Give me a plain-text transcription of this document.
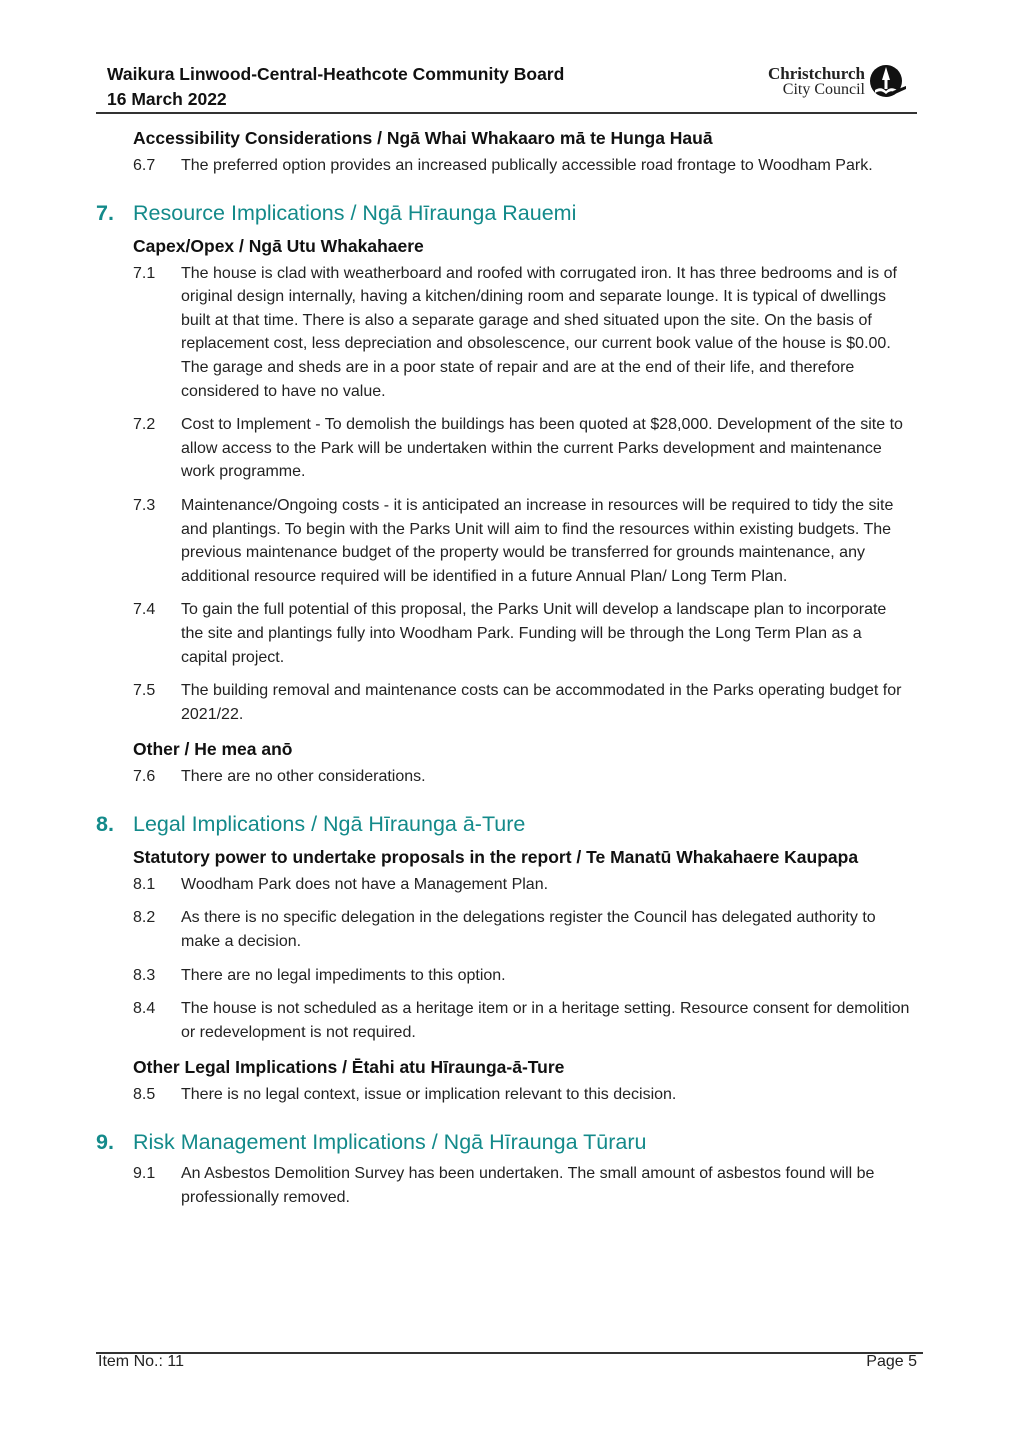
Waikura Linwood-Central-Heathcote Community Board
16 March 2022
Christchurch
City Council
Accessibility Considerations / Ngā Whai Whakaaro mā te Hunga Hauā
6.7	The preferred option provides an increased publically accessible road frontage to Woodham Park.
7. Resource Implications / Ngā Hīraunga Rauemi
Capex/Opex / Ngā Utu Whakahaere
7.1	The house is clad with weatherboard and roofed with corrugated iron. It has three bedrooms and is of original design internally, having a kitchen/dining room and separate lounge. It is typical of dwellings built at that time. There is also a separate garage and shed situated upon the site. On the basis of replacement cost, less depreciation and obsolescence, our current book value of the house is $0.00. The garage and sheds are in a poor state of repair and are at the end of their life, and therefore considered to have no value.
7.2	Cost to Implement - To demolish the buildings has been quoted at $28,000. Development of the site to allow access to the Park will be undertaken within the current Parks development and maintenance work programme.
7.3	Maintenance/Ongoing costs - it is anticipated an increase in resources will be required to tidy the site and plantings. To begin with the Parks Unit will aim to find the resources within existing budgets. The previous maintenance budget of the property would be transferred for grounds maintenance, any additional resource required will be identified in a future Annual Plan/ Long Term Plan.
7.4	To gain the full potential of this proposal, the Parks Unit will develop a landscape plan to incorporate the site and plantings fully into Woodham Park. Funding will be through the Long Term Plan as a capital project.
7.5	The building removal and maintenance costs can be accommodated in the Parks operating budget for 2021/22.
Other / He mea anō
7.6	There are no other considerations.
8. Legal Implications / Ngā Hīraunga ā-Ture
Statutory power to undertake proposals in the report / Te Manatū Whakahaere Kaupapa
8.1	Woodham Park does not have a Management Plan.
8.2	As there is no specific delegation in the delegations register the Council has delegated authority to make a decision.
8.3	There are no legal impediments to this option.
8.4	The house is not scheduled as a heritage item or in a heritage setting. Resource consent for demolition or redevelopment is not required.
Other Legal Implications / Ētahi atu Hīraunga-ā-Ture
8.5	There is no legal context, issue or implication relevant to this decision.
9. Risk Management Implications / Ngā Hīraunga Tūraru
9.1	An Asbestos Demolition Survey has been undertaken. The small amount of asbestos found will be professionally removed.
Item No.: 11	Page 5
